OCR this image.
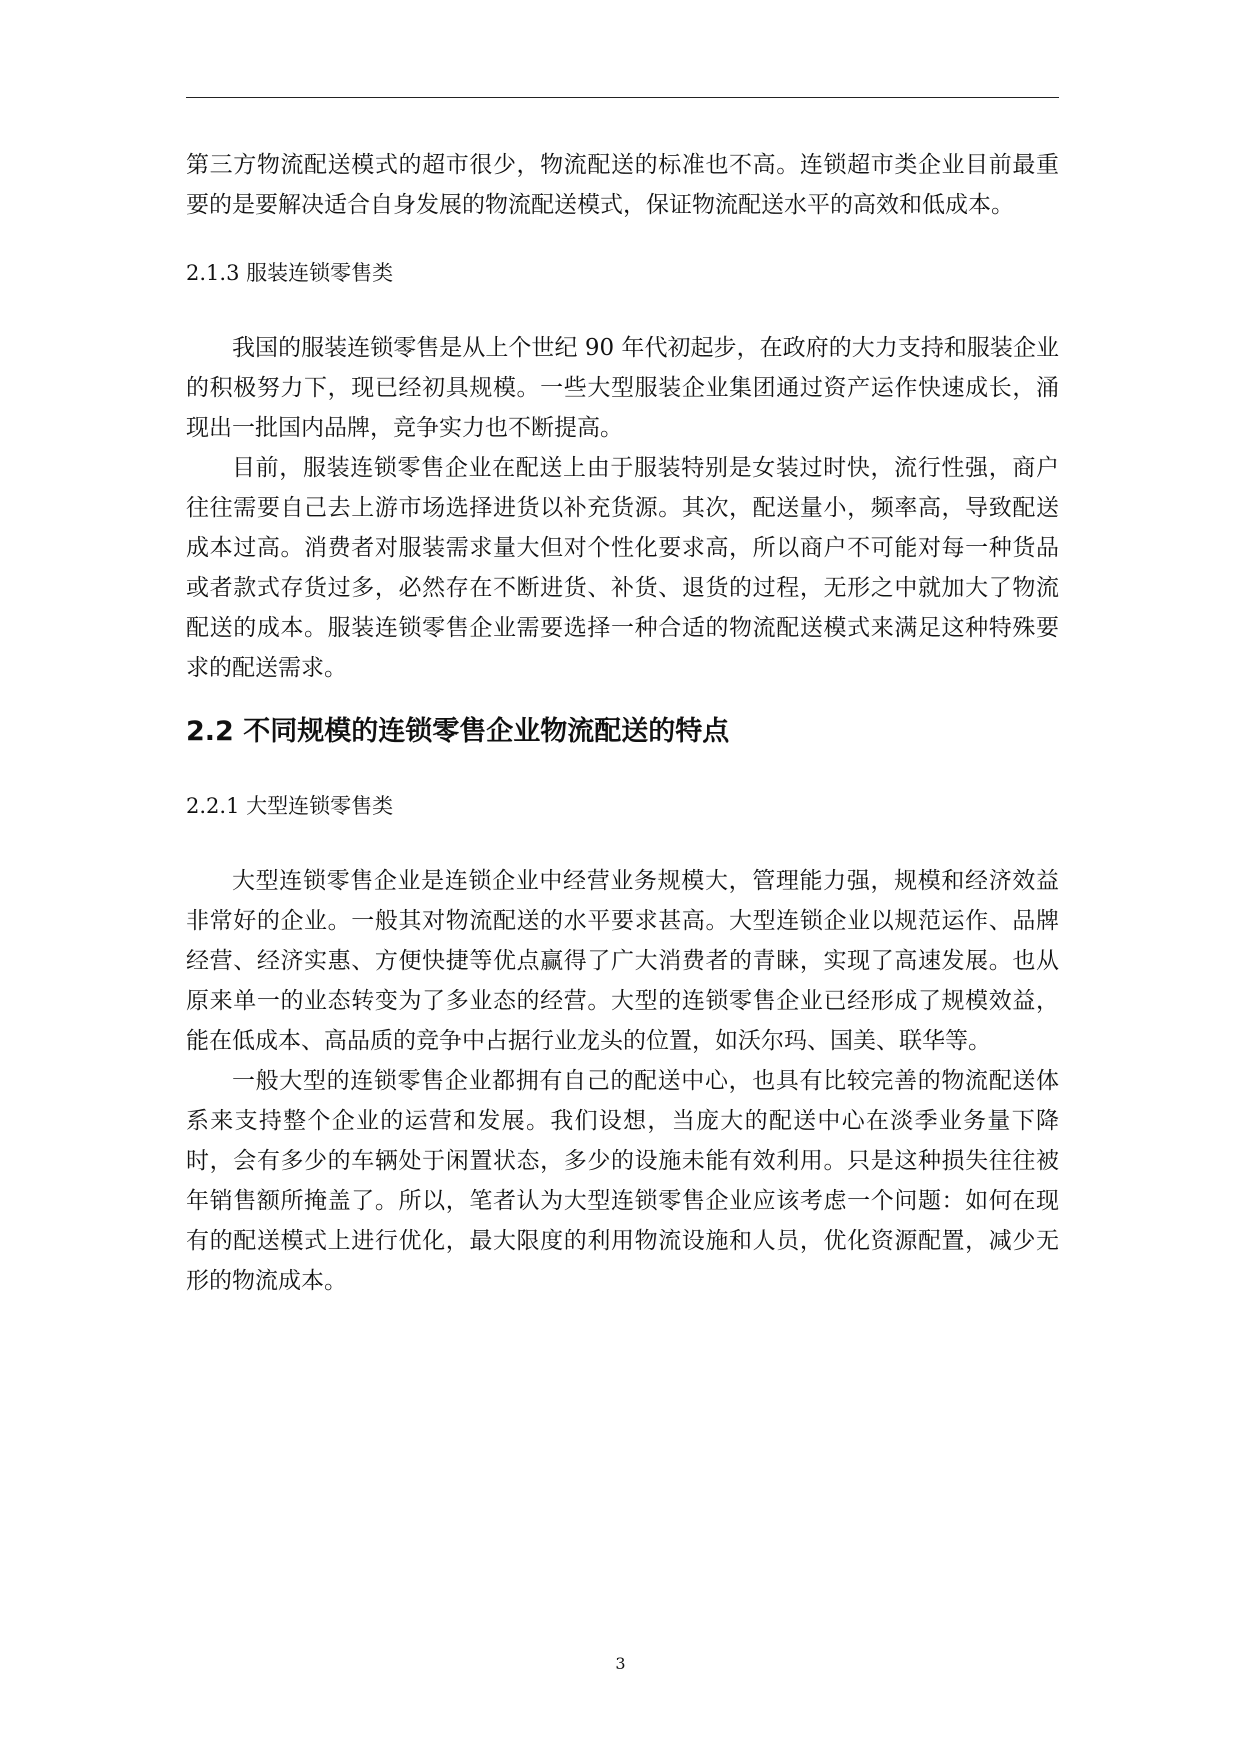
第三方物流配送模式的超市很少，物流配送的标准也不高。连锁超市类企业目前最重要的是要解决适合自身发展的物流配送模式，保证物流配送水平的高效和低成本。

2.1.3 服装连锁零售类

我国的服装连锁零售是从上个世纪 90 年代初起步，在政府的大力支持和服装企业的积极努力下，现已经初具规模。一些大型服装企业集团通过资产运作快速成长，涌现出一批国内品牌，竞争实力也不断提高。

目前，服装连锁零售企业在配送上由于服装特别是女装过时快，流行性强，商户往往需要自己去上游市场选择进货以补充货源。其次，配送量小，频率高，导致配送成本过高。消费者对服装需求量大但对个性化要求高，所以商户不可能对每一种货品或者款式存货过多，必然存在不断进货、补货、退货的过程，无形之中就加大了物流配送的成本。服装连锁零售企业需要选择一种合适的物流配送模式来满足这种特殊要求的配送需求。

2.2 不同规模的连锁零售企业物流配送的特点
2.2.1 大型连锁零售类

大型连锁零售企业是连锁企业中经营业务规模大，管理能力强，规模和经济效益非常好的企业。一般其对物流配送的水平要求甚高。大型连锁企业以规范运作、品牌经营、经济实惠、方便快捷等优点赢得了广大消费者的青睐，实现了高速发展。也从原来单一的业态转变为了多业态的经营。大型的连锁零售企业已经形成了规模效益，能在低成本、高品质的竞争中占据行业龙头的位置，如沃尔玛、国美、联华等。

一般大型的连锁零售企业都拥有自己的配送中心，也具有比较完善的物流配送体系来支持整个企业的运营和发展。我们设想，当庞大的配送中心在淡季业务量下降时，会有多少的车辆处于闲置状态，多少的设施未能有效利用。只是这种损失往往被年销售额所掩盖了。所以，笔者认为大型连锁零售企业应该考虑一个问题：如何在现有的配送模式上进行优化，最大限度的利用物流设施和人员，优化资源配置，减少无形的物流成本。

3
